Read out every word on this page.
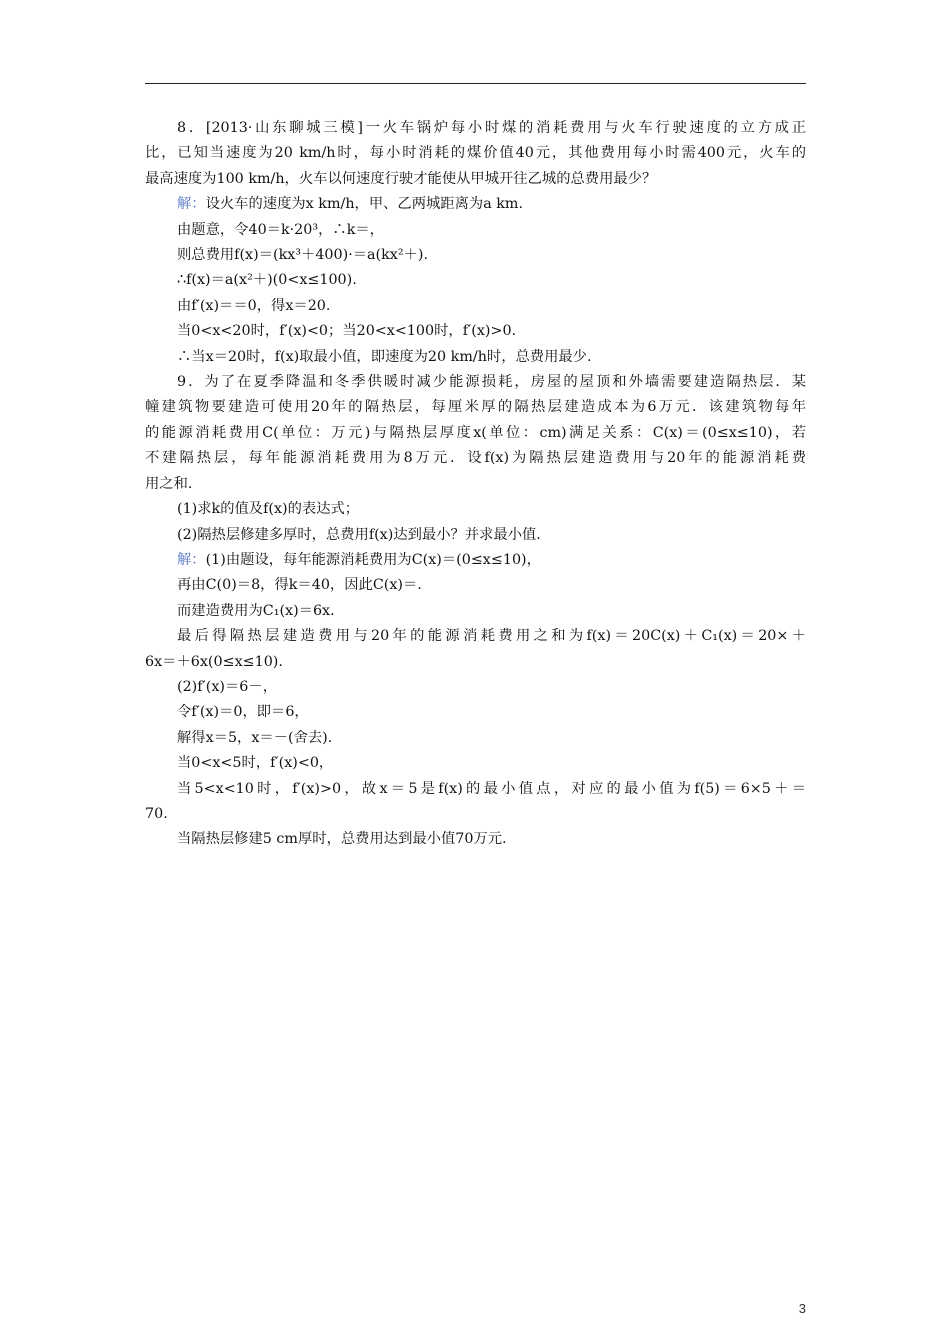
8．[2013·山东聊城三模]一火车锅炉每小时煤的消耗费用与火车行驶速度的立方成正
比，已知当速度为20 km/h时，每小时消耗的煤价值40元，其他费用每小时需400元，火车的
最高速度为100 km/h，火车以何速度行驶才能使从甲城开往乙城的总费用最少？
解：设火车的速度为x km/h，甲、乙两城距离为a km.
由题意，令40＝k·20³，∴k＝，
则总费用f(x)＝(kx³＋400)·＝a(kx²＋).
∴f(x)＝a(x²＋)(0<x≤100).
由f′(x)＝＝0，得x＝20.
当0<x<20时，f′(x)<0；当20<x<100时，f′(x)>0.
∴当x＝20时，f(x)取最小值，即速度为20 km/h时，总费用最少.
9．为了在夏季降温和冬季供暖时减少能源损耗，房屋的屋顶和外墙需要建造隔热层．某
幢建筑物要建造可使用20年的隔热层，每厘米厚的隔热层建造成本为6万元．该建筑物每年
的能源消耗费用C(单位：万元)与隔热层厚度x(单位：cm)满足关系：C(x)＝(0≤x≤10)，若
不建隔热层，每年能源消耗费用为8万元．设f(x)为隔热层建造费用与20年的能源消耗费
用之和.
(1)求k的值及f(x)的表达式；
(2)隔热层修建多厚时，总费用f(x)达到最小？并求最小值.
解：(1)由题设，每年能源消耗费用为C(x)＝(0≤x≤10)，
再由C(0)＝8，得k＝40，因此C(x)＝.
而建造费用为C₁(x)＝6x.
最后得隔热层建造费用与20年的能源消耗费用之和为f(x)＝20C(x)＋C₁(x)＝20×＋
6x＝＋6x(0≤x≤10).
(2)f′(x)＝6－，
令f′(x)＝0，即＝6，
解得x＝5，x＝－(舍去).
当0<x<5时，f′(x)<0，
当5<x<10时，f′(x)>0，故x＝5是f(x)的最小值点，对应的最小值为f(5)＝6×5＋＝
70.
当隔热层修建5 cm厚时，总费用达到最小值70万元.
3
